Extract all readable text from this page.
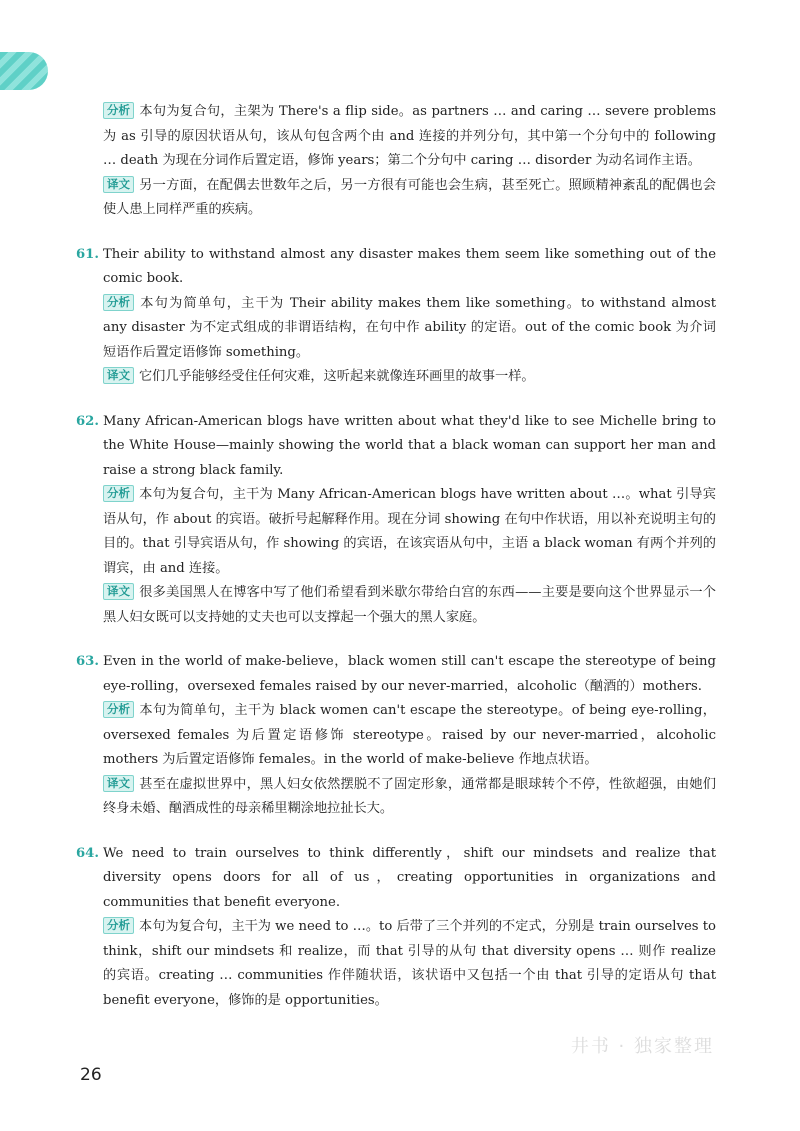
分析 本句为复合句，主架为 There's a flip side。as partners … and caring … severe problems 为 as 引导的原因状语从句，该从句包含两个由 and 连接的并列分句，其中第一个分句中的 following … death 为现在分词作后置定语，修饰 years；第二个分句中 caring … disorder 为动名词作主语。
译文 另一方面，在配偶去世数年之后，另一方很有可能也会生病，甚至死亡。照顾精神紊乱的配偶也会使人患上同样严重的疾病。
61. Their ability to withstand almost any disaster makes them seem like something out of the comic book.
分析 本句为简单句，主干为 Their ability makes them like something。to withstand almost any disaster 为不定式组成的非谓语结构，在句中作 ability 的定语。out of the comic book 为介词短语作后置定语修饰 something。
译文 它们几乎能够经受住任何灾难，这听起来就像连环画里的故事一样。
62. Many African-American blogs have written about what they'd like to see Michelle bring to the White House—mainly showing the world that a black woman can support her man and raise a strong black family.
分析 本句为复合句，主干为 Many African-American blogs have written about …。what 引导宾语从句，作 about 的宾语。破折号起解释作用。现在分词 showing 在句中作状语，用以补充说明主句的目的。that 引导宾语从句，作 showing 的宾语，在该宾语从句中，主语 a black woman 有两个并列的谓宾，由 and 连接。
译文 很多美国黑人在博客中写了他们希望看到米歇尔带给白宫的东西——主要是要向这个世界显示一个黑人妇女既可以支持她的丈夫也可以支撑起一个强大的黑人家庭。
63. Even in the world of make-believe，black women still can't escape the stereotype of being eye-rolling，oversexed females raised by our never-married，alcoholic（酗酒的）mothers.
分析 本句为简单句，主干为 black women can't escape the stereotype。of being eye-rolling，oversexed females 为后置定语修饰 stereotype。raised by our never-married，alcoholic mothers 为后置定语修饰 females。in the world of make-believe 作地点状语。
译文 甚至在虚拟世界中，黑人妇女依然摆脱不了固定形象，通常都是眼球转个不停，性欲超强，由她们终身未婚、酗酒成性的母亲稀里糊涂地拉扯长大。
64. We need to train ourselves to think differently，shift our mindsets and realize that diversity opens doors for all of us，creating opportunities in organizations and communities that benefit everyone.
分析 本句为复合句，主干为 we need to …。to 后带了三个并列的不定式，分别是 train ourselves to think，shift our mindsets 和 realize，而 that 引导的从句 that diversity opens … 则作 realize 的宾语。creating … communities 作伴随状语，该状语中又包括一个由 that 引导的定语从句 that benefit everyone，修饰的是 opportunities。
井书 · 独家整理
26
